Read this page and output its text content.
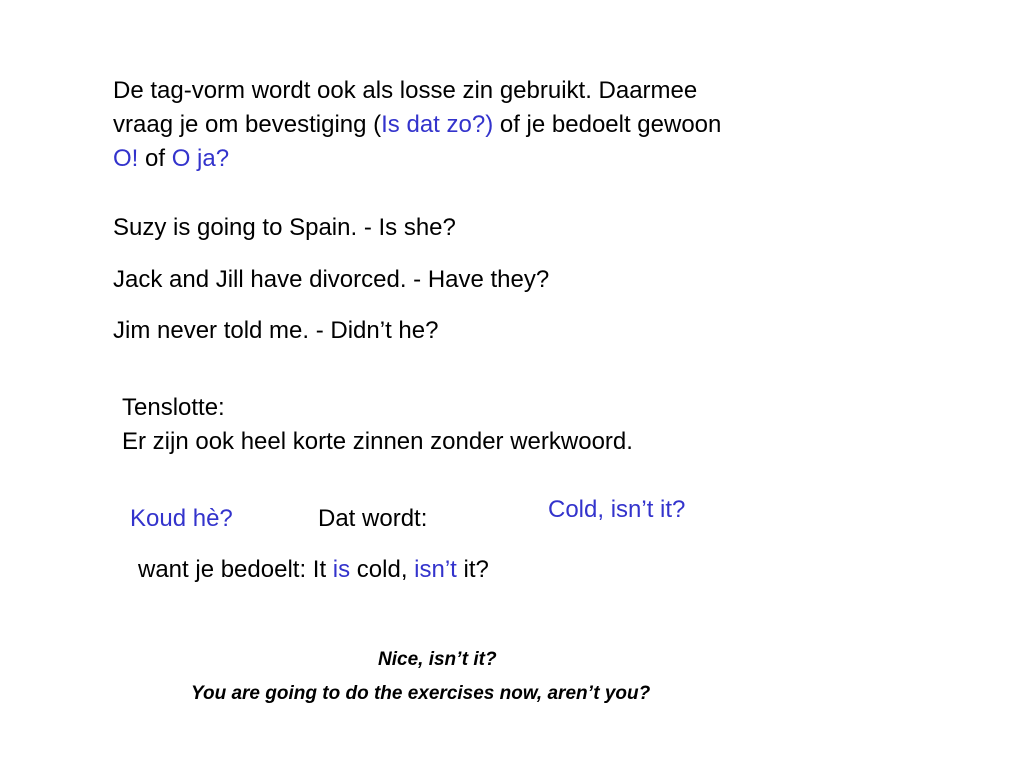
De tag-vorm wordt ook als losse zin gebruikt. Daarmee
vraag je om bevestiging (Is dat zo?) of je bedoelt gewoon
O! of O ja?
Suzy is going to Spain. - Is she?
Jack and Jill have divorced. - Have they?
Jim never told me. - Didn’t he?
Tenslotte:
Er zijn ook heel korte zinnen zonder werkwoord.
Koud hè?	Dat wordt:	Cold, isn’t it?
want je bedoelt: It is cold, isn’t it?
Nice, isn’t it?
You are going to do the exercises now, aren’t you?
